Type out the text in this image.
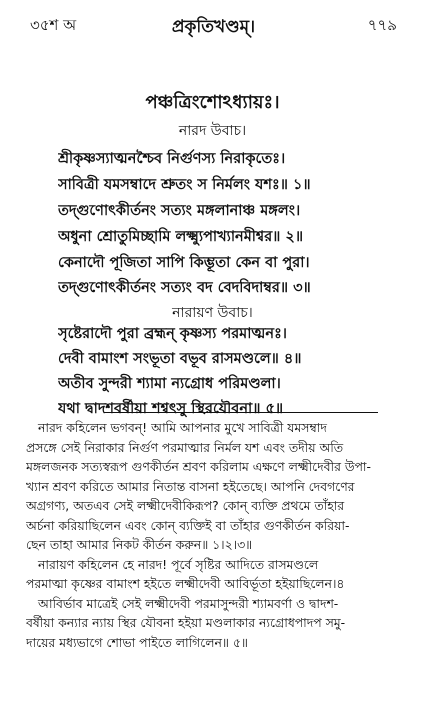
৩৫শ অ	প্রকৃতিখণ্ডম্।	৭৭৯
পঞ্চত্রিংশোঽধ্যায়ঃ।
নারদ উবাচ।
শ্রীকৃষ্ণস্যাত্মনশ্চৈব নির্গুণস্য নিরাকৃতেঃ।
সাবিত্রী যমসম্বাদে শ্রুতং স নির্মলং যশঃ॥ ১॥
তদ্গুণোৎকীর্তনং সত্যং মঙ্গলানাঞ্চ মঙ্গলং।
অধুনা শ্রোতুমিচ্ছামি লক্ষ্ম্যুপাখ্যানমীশ্বর॥ ২॥
কেনাদৌ পূজিতা সাপি কিম্ভূতা কেন বা পুরা।
তদ্গুণোৎকীর্তনং সত্যং বদ বেদবিদাম্বর॥ ৩॥
নারায়ণ উবাচ।
সৃষ্টেরাদৌ পুরা ব্রহ্মন্‌ কৃষ্ণস্য পরমাত্মনঃ।
দেবী বামাংশ সংভূতা বভূব রাসমণ্ডলে॥ ৪॥
অতীব সুন্দরী শ্যামা ন্যগ্রোধ পরিমণ্ডলা।
যথা দ্বাদশবর্ষীয়া শশ্বৎসু স্থিরযৌবনা॥ ৫॥
নারদ কহিলেন ভগবন্‌! আমি আপনার মুখে সাবিত্রী যমসম্বাদ
প্রসঙ্গে সেই নিরাকার নির্গুণ পরমাত্মার নির্মল যশ এবং তদীয় অতি
মঙ্গলজনক সত্যস্বরূপ গুণকীর্তন শ্রবণ করিলাম এক্ষণে লক্ষ্মীদেবীর উপা-
খ্যান শ্রবণ করিতে আমার নিতান্ত বাসনা হইতেছে। আপনি দেবগণের
অগ্রগণ্য, অতএব সেই লক্ষ্মীদেবীকিরূপ? কোন্‌ ব্যক্তি প্রথমে তাঁহার
অর্চনা করিয়াছিলেন এবং কোন্‌ ব্যক্তিই বা তাঁহার গুণকীর্তন করিয়া-
ছেন তাহা আমার নিকট কীর্তন করুন॥ ১।২।৩॥
নারায়ণ কহিলেন হে নারদ! পূর্বে সৃষ্টির আদিতে রাসমণ্ডলে
পরমাত্মা কৃষ্ণের বামাংশ হইতে লক্ষ্মীদেবী আবির্ভূতা হইয়াছিলেন।৪
আবির্ভাব মাত্রেই সেই লক্ষ্মীদেবী পরমাসুন্দরী শ্যামবর্ণা ও দ্বাদশ-
বর্ষীয়া কন্যার ন্যায় স্থির যৌবনা হইয়া মণ্ডলাকার ন্যগ্রোধপাদপ সমু-
দায়ের মধ্যভাগে শোভা পাইতে লাগিলেন॥ ৫॥
